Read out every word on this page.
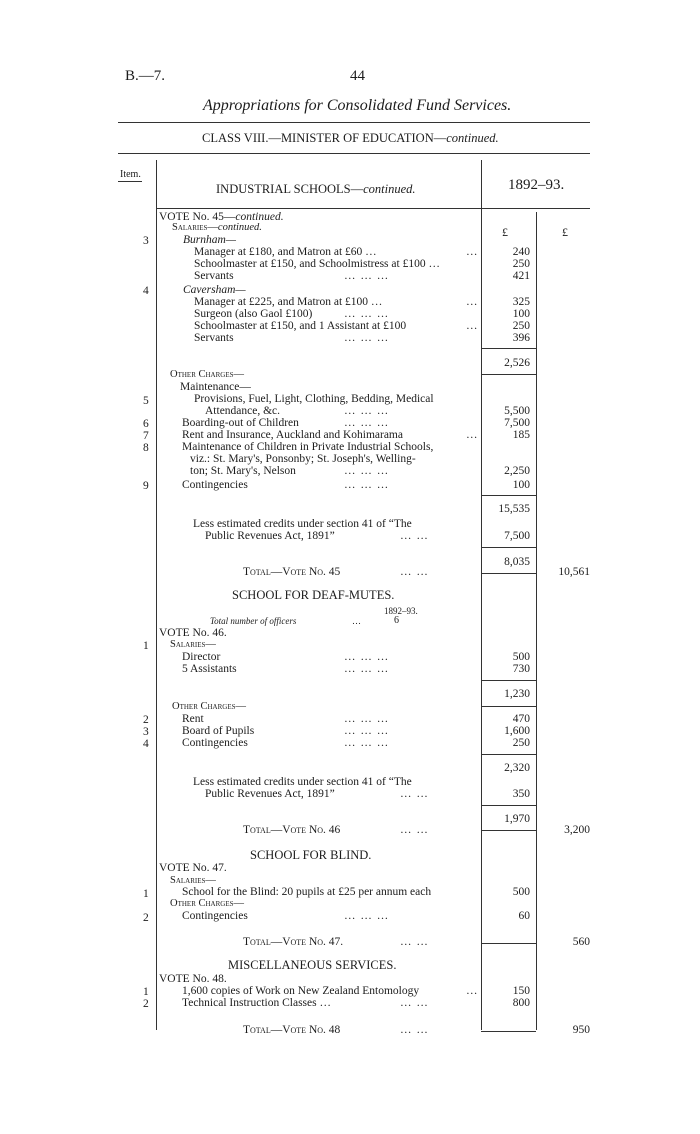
B.—7.	44
Appropriations for Consolidated Fund Services.
CLASS VIII.—MINISTER OF EDUCATION—continued.
Item.
INDUSTRIAL SCHOOLS—continued.	1892–93.
£	£
VOTE No. 45—continued.
Salaries—continued.
3	Burnham—
Manager at £180, and Matron at £60 …	…	240
Schoolmaster at £150, and Schoolmistress at £100 …	250
Servants	… … …	421
4	Caversham—
Manager at £225, and Matron at £100 …	…	325
Surgeon (also Gaol £100)	… … …	100
Schoolmaster at £150, and 1 Assistant at £100	…	250
Servants	… … …	396
2,526
Other Charges—
Maintenance—
5	Provisions, Fuel, Light, Clothing, Bedding, Medical
Attendance, &c.	… … …	5,500
6	Boarding-out of Children	… … …	7,500
7	Rent and Insurance, Auckland and Kohimarama	…	185
8	Maintenance of Children in Private Industrial Schools,
viz.: St. Mary's, Ponsonby; St. Joseph's, Welling-
ton; St. Mary's, Nelson	… … …	2,250
9	Contingencies	… … …	100
15,535
Less estimated credits under section 41 of “The
Public Revenues Act, 1891”	… …	7,500
8,035
Total—Vote No. 45	… …	10,561
SCHOOL FOR DEAF-MUTES.
1892–93.
Total number of officers	…	6
VOTE No. 46.
1 Salaries—
Director	… … …	500
5 Assistants	… … …	730
1,230
Other Charges—
2	Rent	… … …	470
3	Board of Pupils	… … …	1,600
4	Contingencies	… … …	250
2,320
Less estimated credits under section 41 of “The
Public Revenues Act, 1891”	… …	350
1,970
Total—Vote No. 46	… …	3,200
SCHOOL FOR BLIND.
VOTE No. 47.
Salaries—
1	School for the Blind: 20 pupils at £25 per annum each	500
Other Charges—
2	Contingencies	… … …	60
Total—Vote No. 47.	… …	560
MISCELLANEOUS SERVICES.
VOTE No. 48.
1	1,600 copies of Work on New Zealand Entomology	…	150
2	Technical Instruction Classes …	… …	800
Total—Vote No. 48	… …	950
